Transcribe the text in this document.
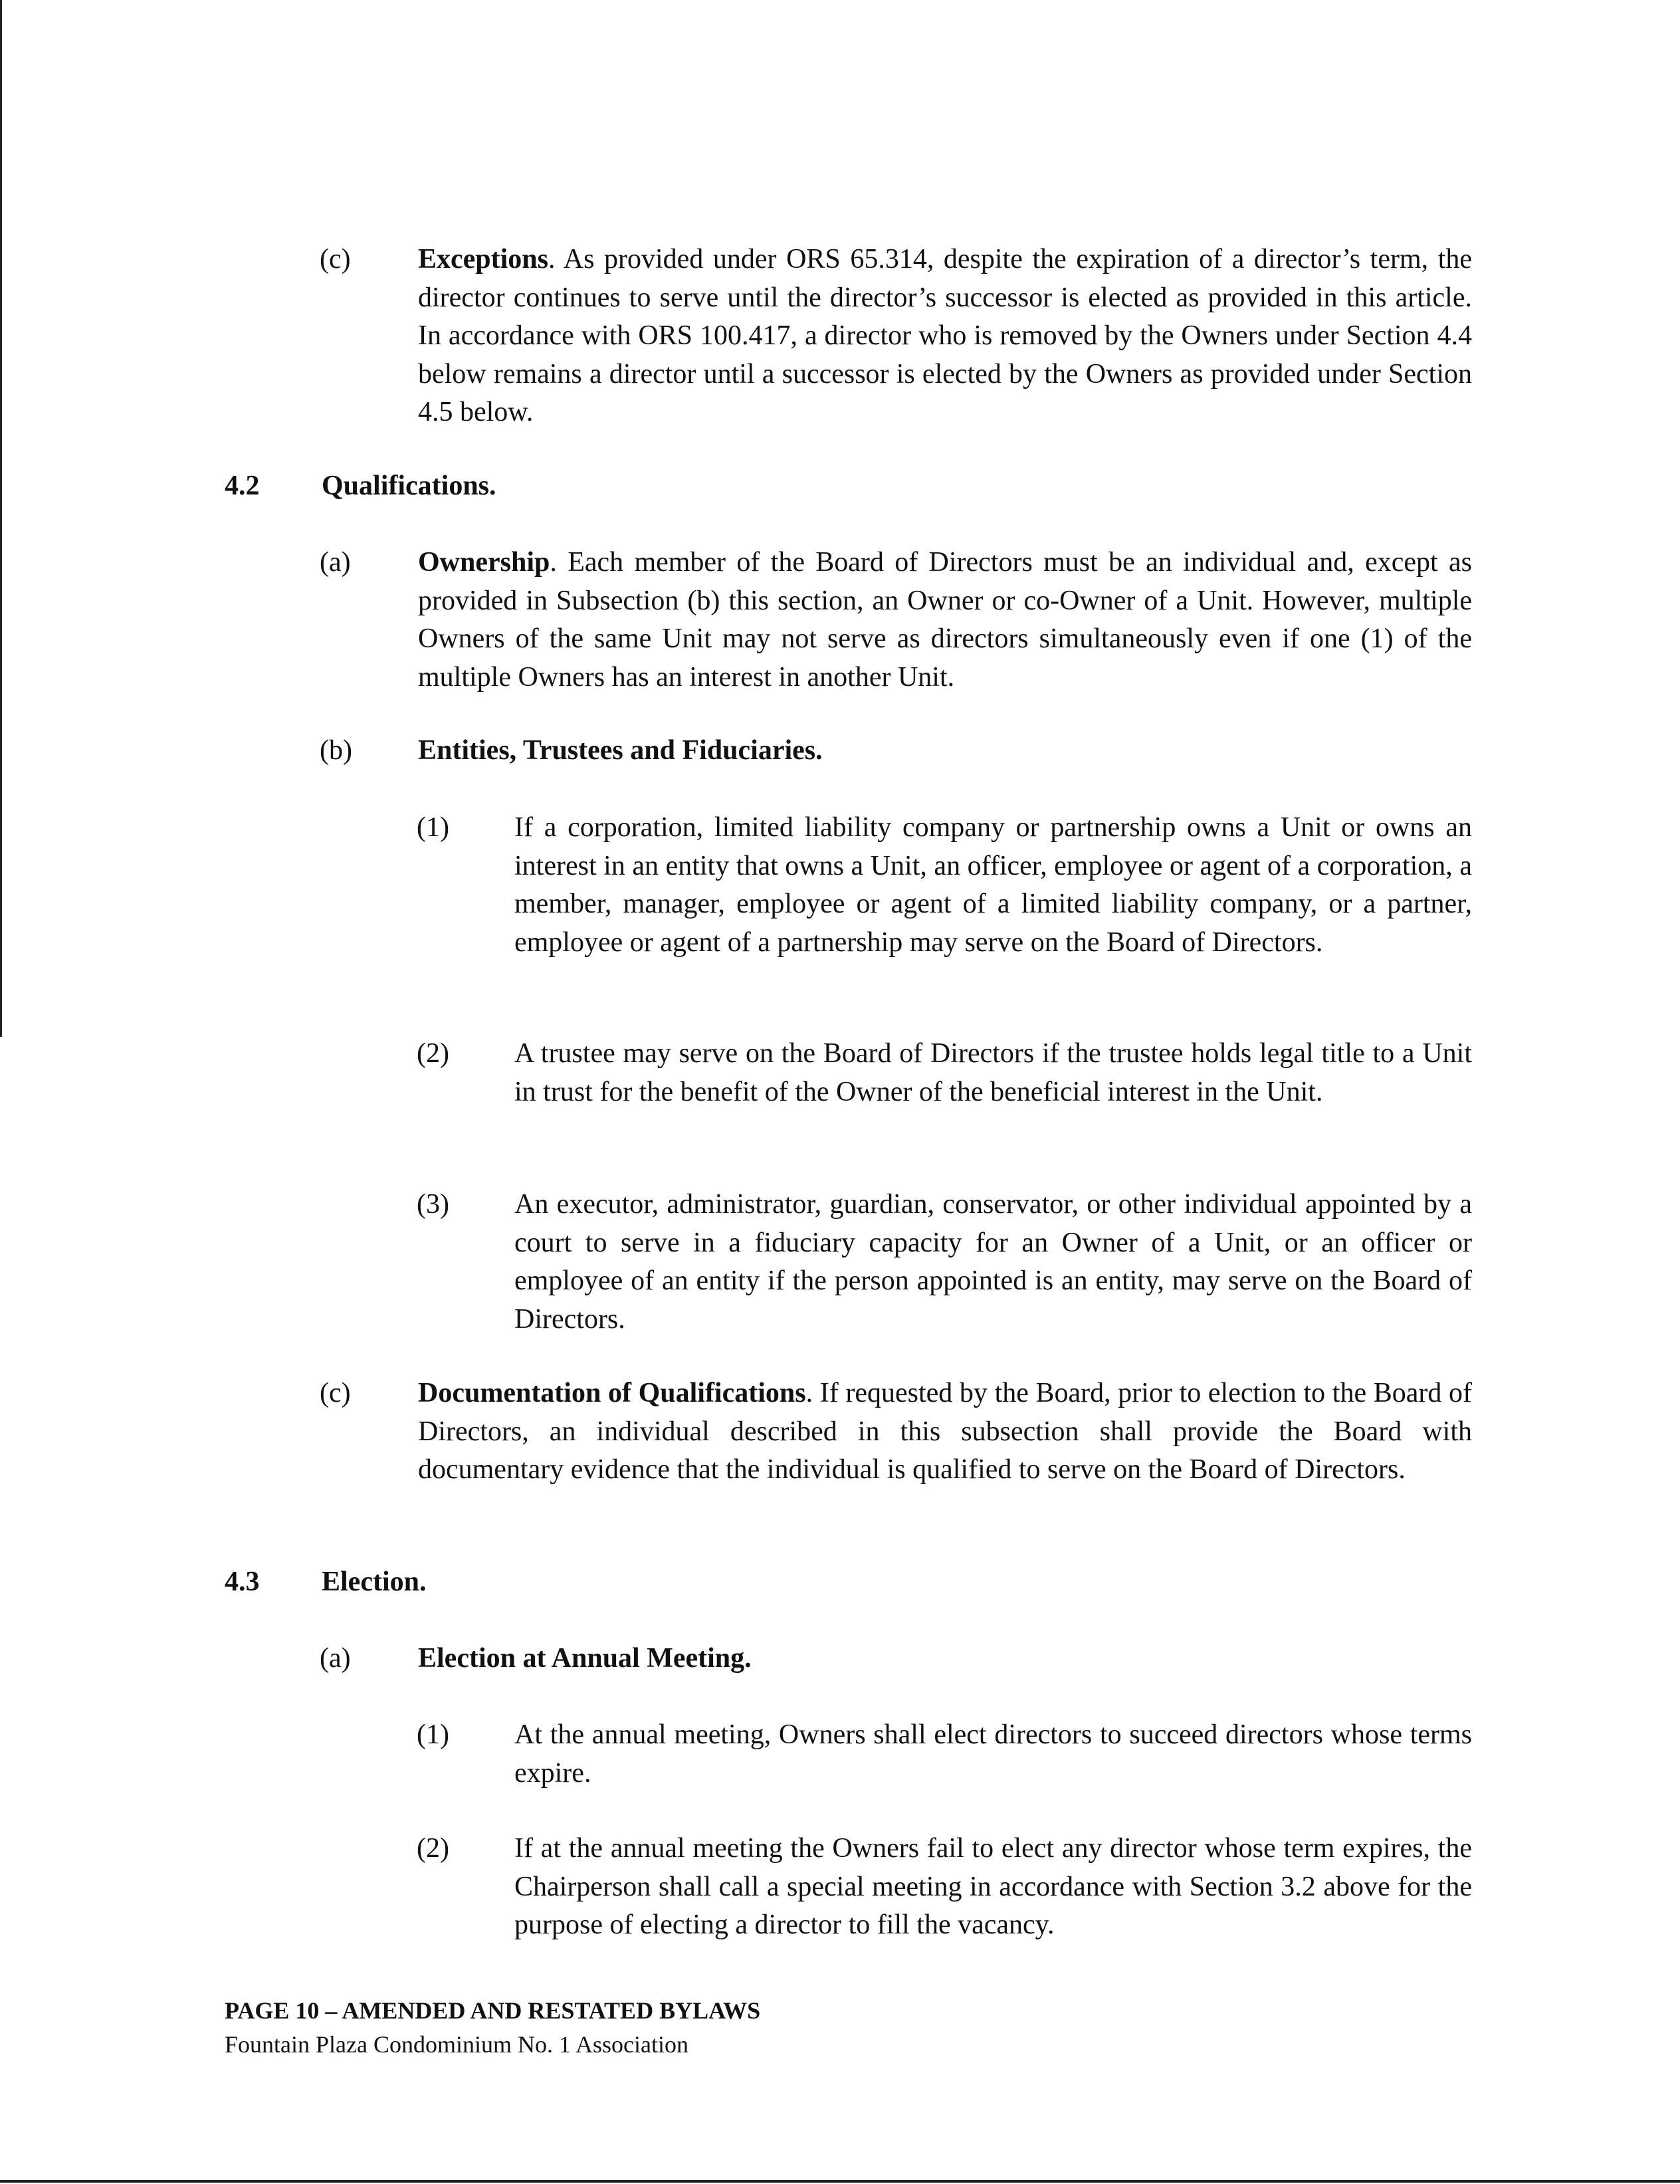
(c) Exceptions. As provided under ORS 65.314, despite the expiration of a director’s term, the director continues to serve until the director’s successor is elected as provided in this article. In accordance with ORS 100.417, a director who is removed by the Owners under Section 4.4 below remains a director until a successor is elected by the Owners as provided under Section 4.5 below.
4.2 Qualifications.
(a) Ownership. Each member of the Board of Directors must be an individual and, except as provided in Subsection (b) this section, an Owner or co-Owner of a Unit. However, multiple Owners of the same Unit may not serve as directors simultaneously even if one (1) of the multiple Owners has an interest in another Unit.
(b) Entities, Trustees and Fiduciaries.
(1) If a corporation, limited liability company or partnership owns a Unit or owns an interest in an entity that owns a Unit, an officer, employee or agent of a corporation, a member, manager, employee or agent of a limited liability company, or a partner, employee or agent of a partnership may serve on the Board of Directors.
(2) A trustee may serve on the Board of Directors if the trustee holds legal title to a Unit in trust for the benefit of the Owner of the beneficial interest in the Unit.
(3) An executor, administrator, guardian, conservator, or other individual appointed by a court to serve in a fiduciary capacity for an Owner of a Unit, or an officer or employee of an entity if the person appointed is an entity, may serve on the Board of Directors.
(c) Documentation of Qualifications. If requested by the Board, prior to election to the Board of Directors, an individual described in this subsection shall provide the Board with documentary evidence that the individual is qualified to serve on the Board of Directors.
4.3 Election.
(a) Election at Annual Meeting.
(1) At the annual meeting, Owners shall elect directors to succeed directors whose terms expire.
(2) If at the annual meeting the Owners fail to elect any director whose term expires, the Chairperson shall call a special meeting in accordance with Section 3.2 above for the purpose of electing a director to fill the vacancy.
PAGE 10 – AMENDED AND RESTATED BYLAWS
Fountain Plaza Condominium No. 1 Association
